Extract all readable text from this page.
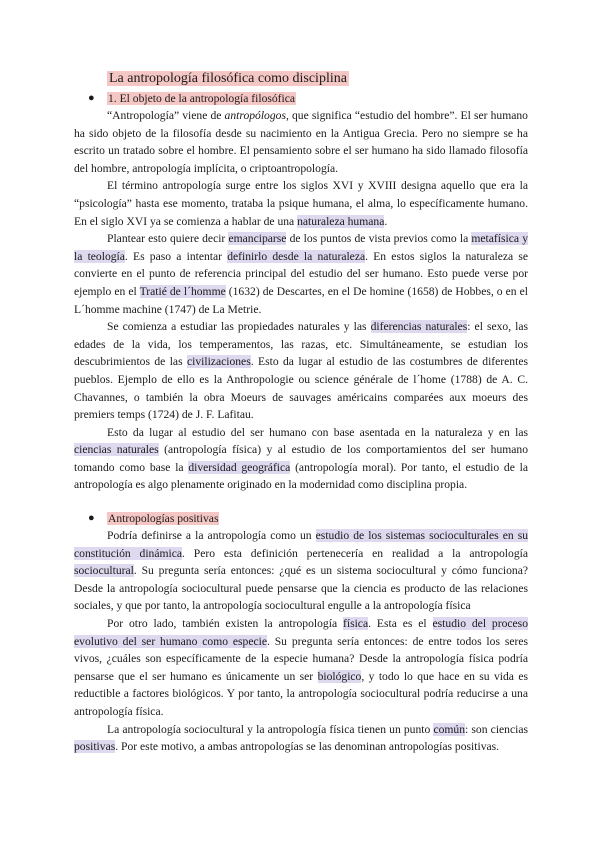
La antropología filosófica como disciplina
● 1. El objeto de la antropología filosófica

“Antropología” viene de antropólogos, que significa “estudio del hombre”. El ser humano ha sido objeto de la filosofía desde su nacimiento en la Antigua Grecia. Pero no siempre se ha escrito un tratado sobre el hombre. El pensamiento sobre el ser humano ha sido llamado filosofía del hombre, antropología implícita, o criptoantropología.

El término antropología surge entre los siglos XVI y XVIII designa aquello que era la “psicología” hasta ese momento, trataba la psique humana, el alma, lo específicamente humano. En el siglo XVI ya se comienza a hablar de una naturaleza humana.

Plantear esto quiere decir emanciparse de los puntos de vista previos como la metafísica y la teología. Es paso a intentar definirlo desde la naturaleza. En estos siglos la naturaleza se convierte en el punto de referencia principal del estudio del ser humano. Esto puede verse por ejemplo en el Tratié de l´homme (1632) de Descartes, en el De homine (1658) de Hobbes, o en el L´homme machine (1747) de La Metrie.

Se comienza a estudiar las propiedades naturales y las diferencias naturales: el sexo, las edades de la vida, los temperamentos, las razas, etc. Simultáneamente, se estudian los descubrimientos de las civilizaciones. Esto da lugar al estudio de las costumbres de diferentes pueblos. Ejemplo de ello es la Anthropologie ou science générale de l´home (1788) de A. C. Chavannes, o también la obra Moeurs de sauvages américains comparées aux moeurs des premiers temps (1724) de J. F. Lafitau.

Esto da lugar al estudio del ser humano con base asentada en la naturaleza y en las ciencias naturales (antropología física) y al estudio de los comportamientos del ser humano tomando como base la diversidad geográfica (antropología moral). Por tanto, el estudio de la antropología es algo plenamente originado en la modernidad como disciplina propia.

● Antropologías positivas

Podría definirse a la antropología como un estudio de los sistemas socioculturales en su constitución dinámica. Pero esta definición pertenecería en realidad a la antropología sociocultural. Su pregunta sería entonces: ¿qué es un sistema sociocultural y cómo funciona? Desde la antropología sociocultural puede pensarse que la ciencia es producto de las relaciones sociales, y que por tanto, la antropología sociocultural engulle a la antropología física

Por otro lado, también existen la antropología física. Esta es el estudio del proceso evolutivo del ser humano como especie. Su pregunta sería entonces: de entre todos los seres vivos, ¿cuáles son específicamente de la especie humana? Desde la antropología física podría pensarse que el ser humano es únicamente un ser biológico, y todo lo que hace en su vida es reductible a factores biológicos. Y por tanto, la antropología sociocultural podría reducirse a una antropología física.

La antropología sociocultural y la antropología física tienen un punto común: son ciencias positivas. Por este motivo, a ambas antropologías se las denominan antropologías positivas.
